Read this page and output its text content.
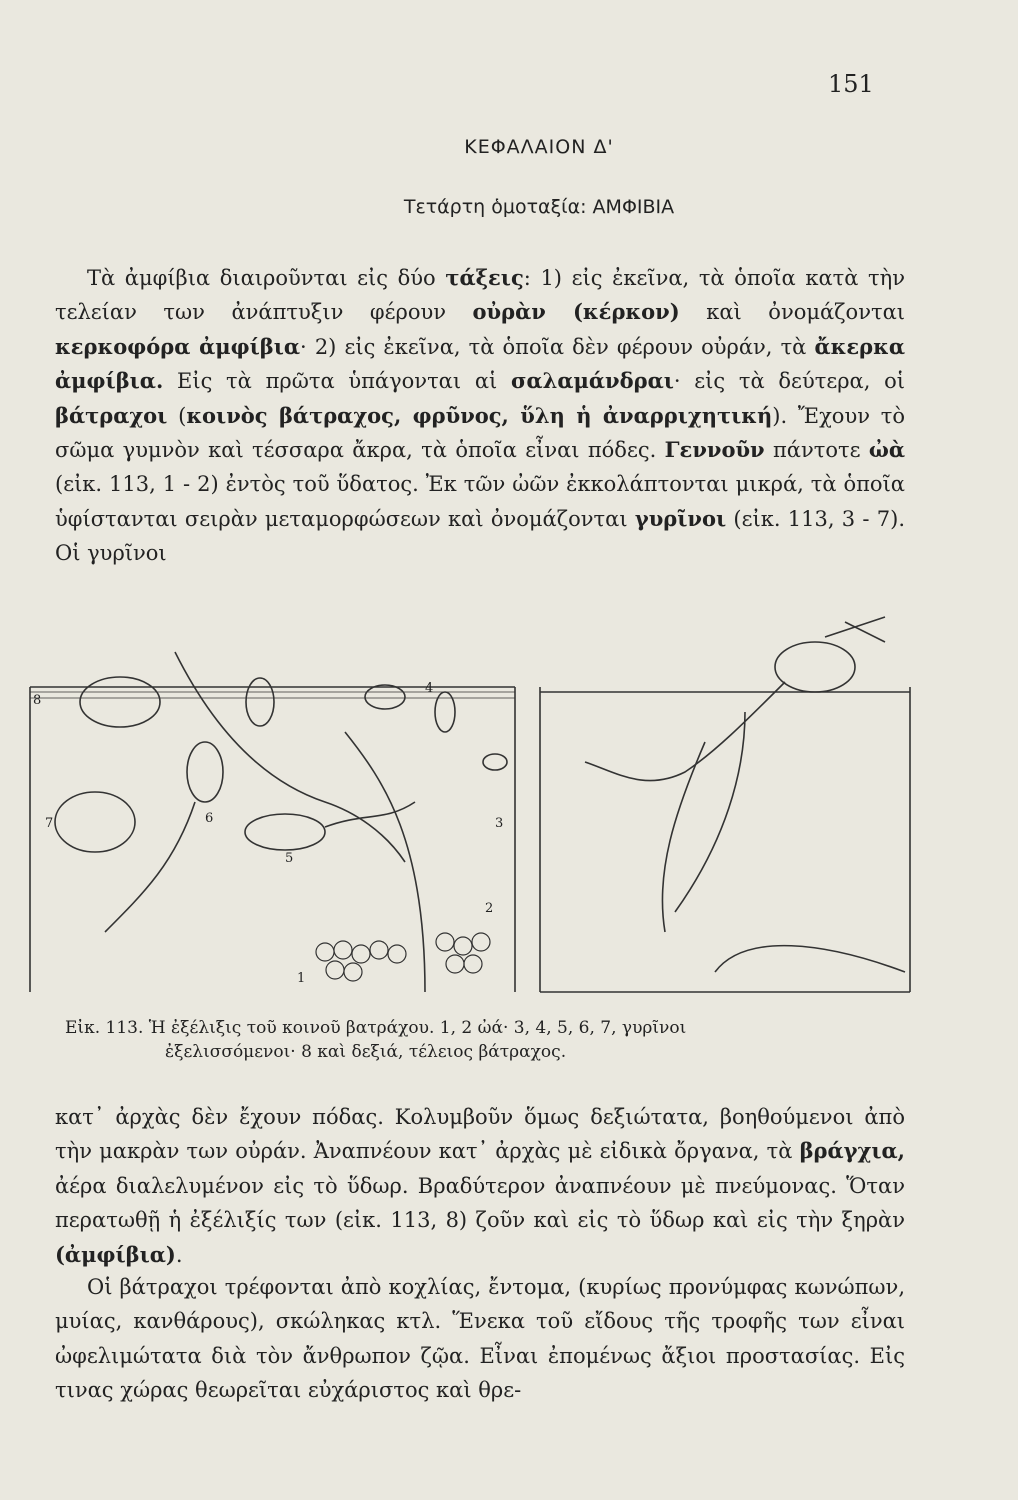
151
ΚΕΦΑΛΑΙΟΝ Δ'
Τετάρτη ὁμοταξία: ΑΜΦΙΒΙΑ

Τὰ ἀμφίβια διαιροῦνται εἰς δύο τάξεις: 1) εἰς ἐκεῖνα, τὰ ὁποῖα κατὰ τὴν τελείαν των ἀνάπτυξιν φέρουν οὐρὰν (κέρκον) καὶ ὀνομάζονται κερκοφόρα ἀμφίβια· 2) εἰς ἐκεῖνα, τὰ ὁποῖα δὲν φέρουν οὐράν, τὰ ἄκερκα ἀμφίβια. Εἰς τὰ πρῶτα ὑπάγονται αἱ σαλαμάνδραι· εἰς τὰ δεύτερα, οἱ βάτραχοι (κοινὸς βάτραχος, φρῦνος, ὕλη ἡ ἀναρριχητική). Ἔχουν τὸ σῶμα γυμνὸν καὶ τέσσαρα ἄκρα, τὰ ὁποῖα εἶναι πόδες. Γεννοῦν πάντοτε ὠὰ (εἰκ. 113, 1 - 2) ἐντὸς τοῦ ὕδατος. Ἐκ τῶν ὠῶν ἐκκολάπτονται μικρά, τὰ ὁποῖα ὑφίστανται σειρὰν μεταμορφώσεων καὶ ὀνομάζονται γυρῖνοι (εἰκ. 113, 3 - 7). Οἱ γυρῖνοι

8
1
2
3
4
5
6
7

Εἰκ. 113. Ἡ ἐξέλιξις τοῦ κοινοῦ βατράχου. 1, 2 ὠά· 3, 4, 5, 6, 7, γυρῖνοι
ἐξελισσόμενοι· 8 καὶ δεξιά, τέλειος βάτραχος.

κατ᾽ ἀρχὰς δὲν ἔχουν πόδας. Κολυμβοῦν ὅμως δεξιώτατα, βοηθούμενοι ἀπὸ τὴν μακρὰν των οὐράν. Ἀναπνέουν κατ᾽ ἀρχὰς μὲ εἰδικὰ ὄργανα, τὰ βράγχια, ἀέρα διαλελυμένον εἰς τὸ ὕδωρ. Βραδύτερον ἀναπνέουν μὲ πνεύμονας. Ὅταν περατωθῇ ἡ ἐξέλιξίς των (εἰκ. 113, 8) ζοῦν καὶ εἰς τὸ ὕδωρ καὶ εἰς τὴν ξηρὰν (ἀμφίβια).

Οἱ βάτραχοι τρέφονται ἀπὸ κοχλίας, ἔντομα, (κυρίως προνύμφας κωνώπων, μυίας, κανθάρους), σκώληκας κτλ. Ἕνεκα τοῦ εἴδους τῆς τροφῆς των εἶναι ὠφελιμώτατα διὰ τὸν ἄνθρωπον ζῷα. Εἶναι ἐπομένως ἄξιοι προστασίας. Εἰς τινας χώρας θεωρεῖται εὐχάριστος καὶ θρε-
